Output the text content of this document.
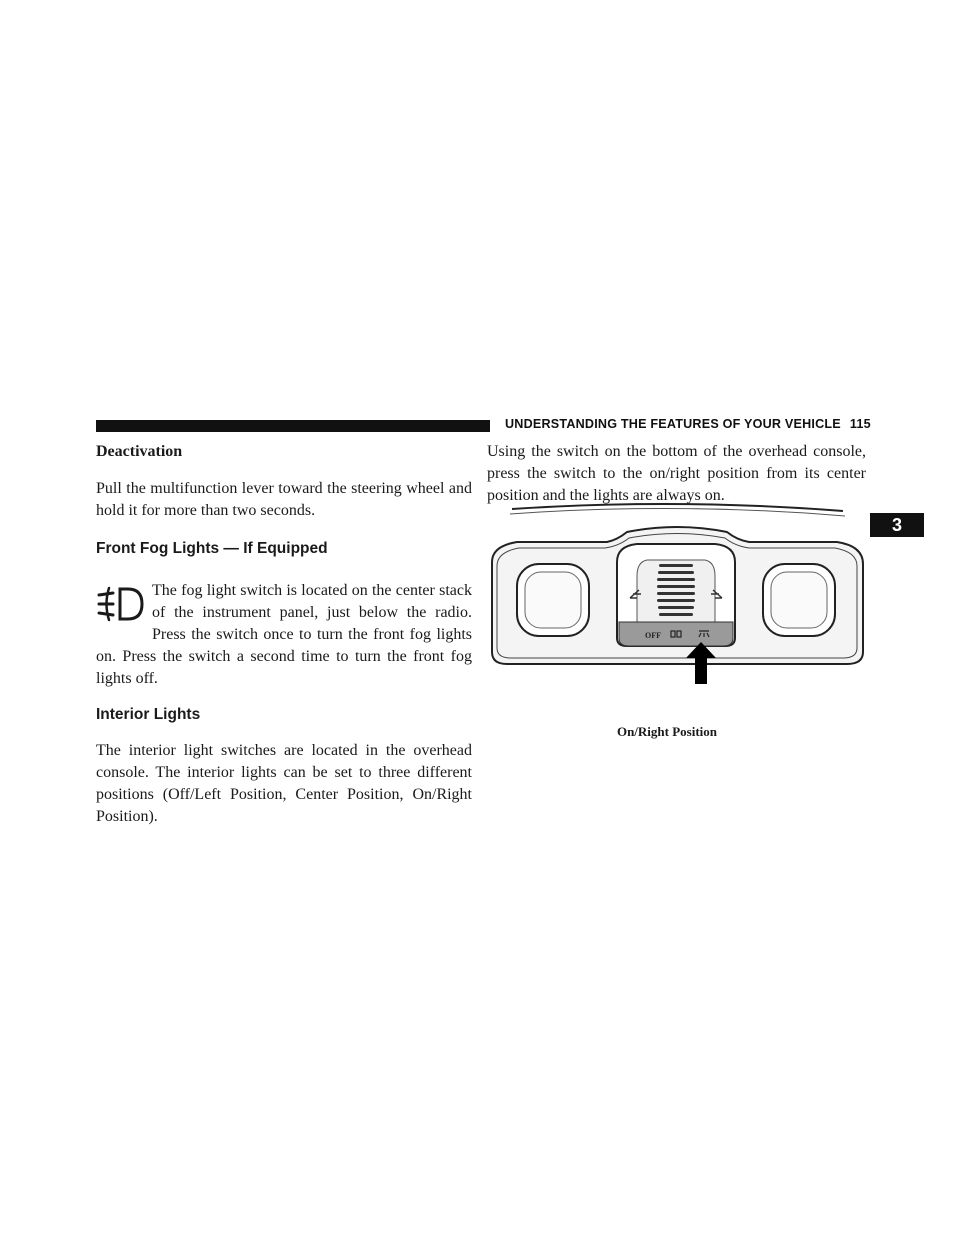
UNDERSTANDING THE FEATURES OF YOUR VEHICLE 115
3
Deactivation

Pull the multifunction lever toward the steering wheel and hold it for more than two seconds.

Front Fog Lights — If Equipped

The fog light switch is located on the center stack of the instrument panel, just below the radio. Press the switch once to turn the front fog lights on. Press the switch a second time to turn the front fog lights off.

Interior Lights

The interior light switches are located in the overhead console. The interior lights can be set to three different positions (Off/Left Position, Center Position, On/Right Position).

Using the switch on the bottom of the overhead console, press the switch to the on/right position from its center position and the lights are always on.

OFF
On/Right Position
